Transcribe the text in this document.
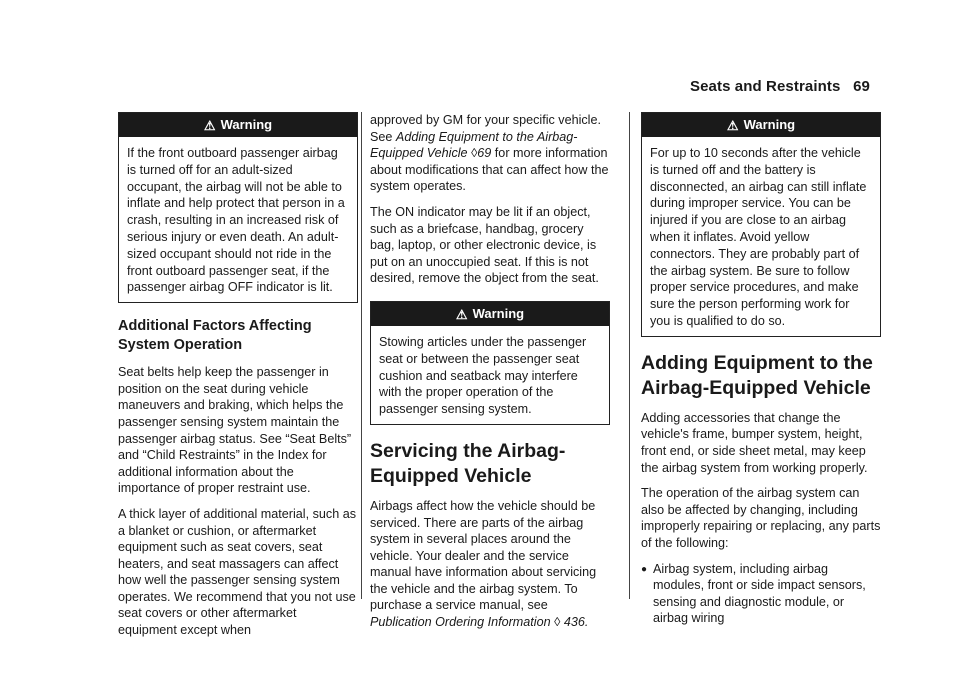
Seats and Restraints 69
⚠ Warning
If the front outboard passenger airbag is turned off for an adult-sized occupant, the airbag will not be able to inflate and help protect that person in a crash, resulting in an increased risk of serious injury or even death. An adult-sized occupant should not ride in the front outboard passenger seat, if the passenger airbag OFF indicator is lit.
Additional Factors Affecting System Operation

Seat belts help keep the passenger in position on the seat during vehicle maneuvers and braking, which helps the passenger sensing system maintain the passenger airbag status. See “Seat Belts” and “Child Restraints” in the Index for additional information about the importance of proper restraint use.

A thick layer of additional material, such as a blanket or cushion, or aftermarket equipment such as seat covers, seat heaters, and seat massagers can affect how well the passenger sensing system operates. We recommend that you not use seat covers or other aftermarket equipment except when

approved by GM for your specific vehicle. See Adding Equipment to the Airbag-Equipped Vehicle ◊69 for more information about modifications that can affect how the system operates.

The ON indicator may be lit if an object, such as a briefcase, handbag, grocery bag, laptop, or other electronic device, is put on an unoccupied seat. If this is not desired, remove the object from the seat.

⚠ Warning
Stowing articles under the passenger seat or between the passenger seat cushion and seatback may interfere with the proper operation of the passenger sensing system.
Servicing the Airbag-Equipped Vehicle

Airbags affect how the vehicle should be serviced. There are parts of the airbag system in several places around the vehicle. Your dealer and the service manual have information about servicing the vehicle and the airbag system. To purchase a service manual, see Publication Ordering Information ◊ 436.

⚠ Warning
For up to 10 seconds after the vehicle is turned off and the battery is disconnected, an airbag can still inflate during improper service. You can be injured if you are close to an airbag when it inflates. Avoid yellow connectors. They are probably part of the airbag system. Be sure to follow proper service procedures, and make sure the person performing work for you is qualified to do so.
Adding Equipment to the Airbag-Equipped Vehicle

Adding accessories that change the vehicle's frame, bumper system, height, front end, or side sheet metal, may keep the airbag system from working properly.

The operation of the airbag system can also be affected by changing, including improperly repairing or replacing, any parts of the following:

● Airbag system, including airbag modules, front or side impact sensors, sensing and diagnostic module, or airbag wiring
